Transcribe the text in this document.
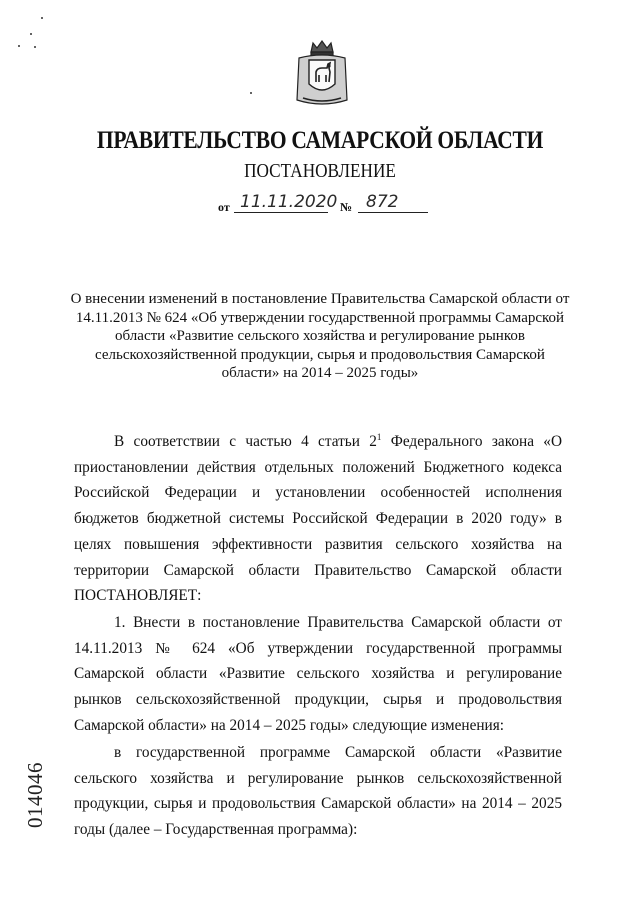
ПРАВИТЕЛЬСТВО САМАРСКОЙ ОБЛАСТИ
ПОСТАНОВЛЕНИЕ
от 11.11.2020 № 872
О внесении изменений в постановление Правительства Самарской области от 14.11.2013 № 624 «Об утверждении государственной программы Самарской области «Развитие сельского хозяйства и регулирование рынков сельскохозяйственной продукции, сырья и продовольствия Самарской области» на 2014 – 2025 годы»
В соответствии с частью 4 статьи $2^1$ Федерального закона «О приостановлении действия отдельных положений Бюджетного кодекса Российской Федерации и установлении особенностей исполнения бюджетов бюджетной системы Российской Федерации в 2020 году» в целях повышения эффективности развития сельского хозяйства на территории Самарской области Правительство Самарской области ПОСТАНОВЛЯЕТ:
1. Внести в постановление Правительства Самарской области от 14.11.2013 № 624 «Об утверждении государственной программы Самарской области «Развитие сельского хозяйства и регулирование рынков сельскохозяйственной продукции, сырья и продовольствия Самарской области» на 2014 – 2025 годы» следующие изменения:
в государственной программе Самарской области «Развитие сельского хозяйства и регулирование рынков сельскохозяйственной продукции, сырья и продовольствия Самарской области» на 2014 – 2025 годы (далее – Государственная программа):
014046
